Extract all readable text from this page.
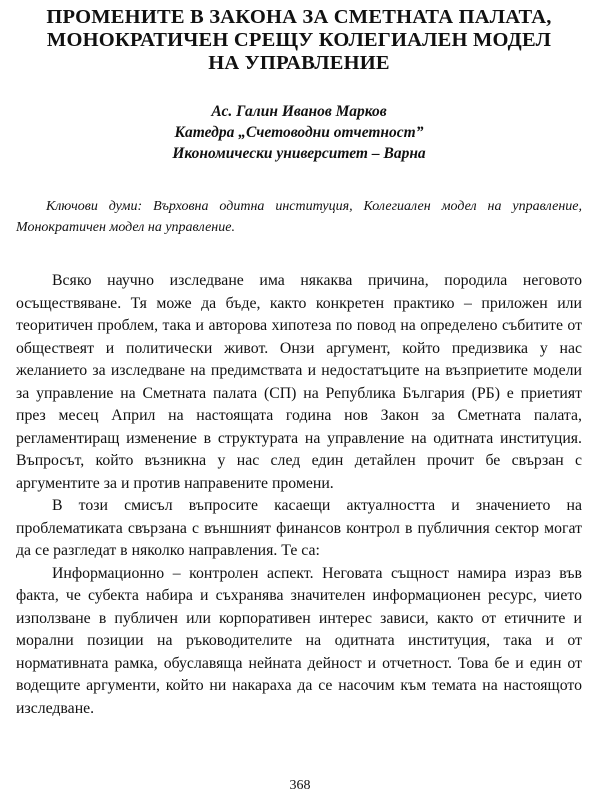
ПРОМЕНИТЕ В ЗАКОНА ЗА СМЕТНАТА ПАЛАТА,
МОНОКРАТИЧЕН СРЕЩУ КОЛЕГИАЛЕН МОДЕЛ
НА УПРАВЛЕНИЕ
Ас. Галин Иванов Марков
Катедра „Счетоводни отчетност”
Икономически университет – Варна
Ключови думи: Върховна одитна институция, Колегиален модел на управление, Монократичен модел на управление.

Всяко научно изследване има някаква причина, породила неговото осъществяване. Тя може да бъде, както конкретен практико – приложен или теоритичен проблем, така и авторова хипотеза по повод на определено събитите от обществеят и политически живот. Онзи аргумент, който предизвика у нас желанието за изследване на предимствата и недостатъците на възприетите модели за управление на Сметната палата (СП) на Република България (РБ) е приетият през месец Април на настоящата година нов Закон за Сметната палата, регламентиращ изменение в структурата на управление на одитната институция. Въпросът, който възникна у нас след един детайлен прочит бе свързан с аргументите за и против направените промени.

В този смисъл въпросите касаещи актуалността и значението на проблематиката свързана с външният финансов контрол в публичния сектор могат да се разгледат в няколко направления. Те са:

Информационно – контролен аспект. Неговата същност намира израз във факта, че субекта набира и съхранява значителен информационен ресурс, чието използване в публичен или корпоративен интерес зависи, както от етичните и морални позиции на ръководителите на одитната институция, така и от нормативната рамка, обуславяща нейната дейност и отчетност. Това бе и един от водещите аргументи, който ни накараха да се насочим към темата на настоящото изследване.

368
